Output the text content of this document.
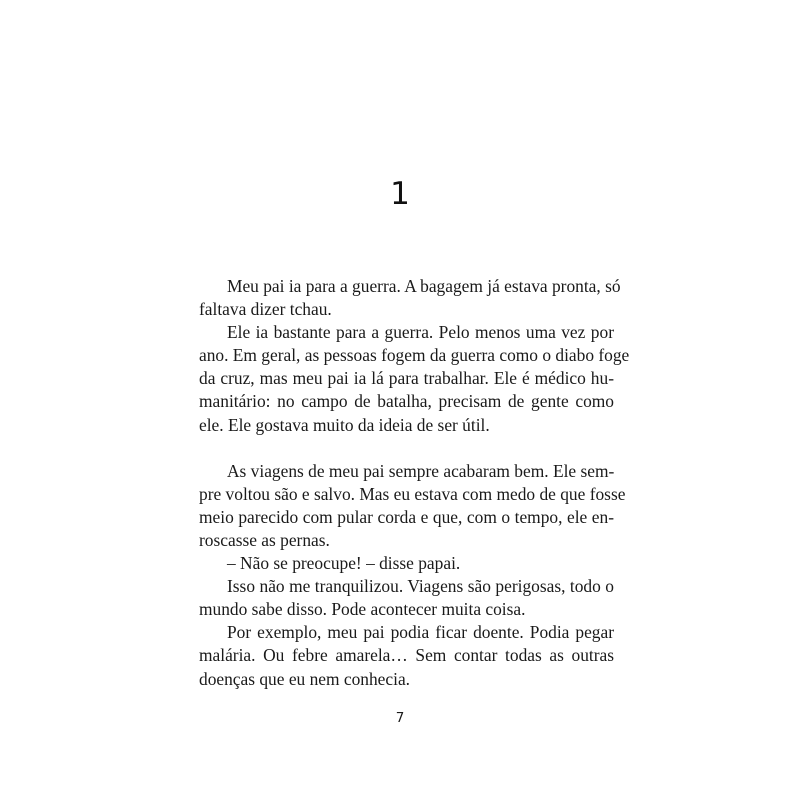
1

Meu pai ia para a guerra. A bagagem já estava pronta, só
faltava dizer tchau.

Ele ia bastante para a guerra. Pelo menos uma vez por
ano. Em geral, as pessoas fogem da guerra como o diabo foge
da cruz, mas meu pai ia lá para trabalhar. Ele é médico hu-
manitário: no campo de batalha, precisam de gente como
ele. Ele gostava muito da ideia de ser útil.

As viagens de meu pai sempre acabaram bem. Ele sem-
pre voltou são e salvo. Mas eu estava com medo de que fosse
meio parecido com pular corda e que, com o tempo, ele en-
roscasse as pernas.

– Não se preocupe! – disse papai.

Isso não me tranquilizou. Viagens são perigosas, todo o
mundo sabe disso. Pode acontecer muita coisa.

Por exemplo, meu pai podia ficar doente. Podia pegar
malária. Ou febre amarela… Sem contar todas as outras
doenças que eu nem conhecia.

7
